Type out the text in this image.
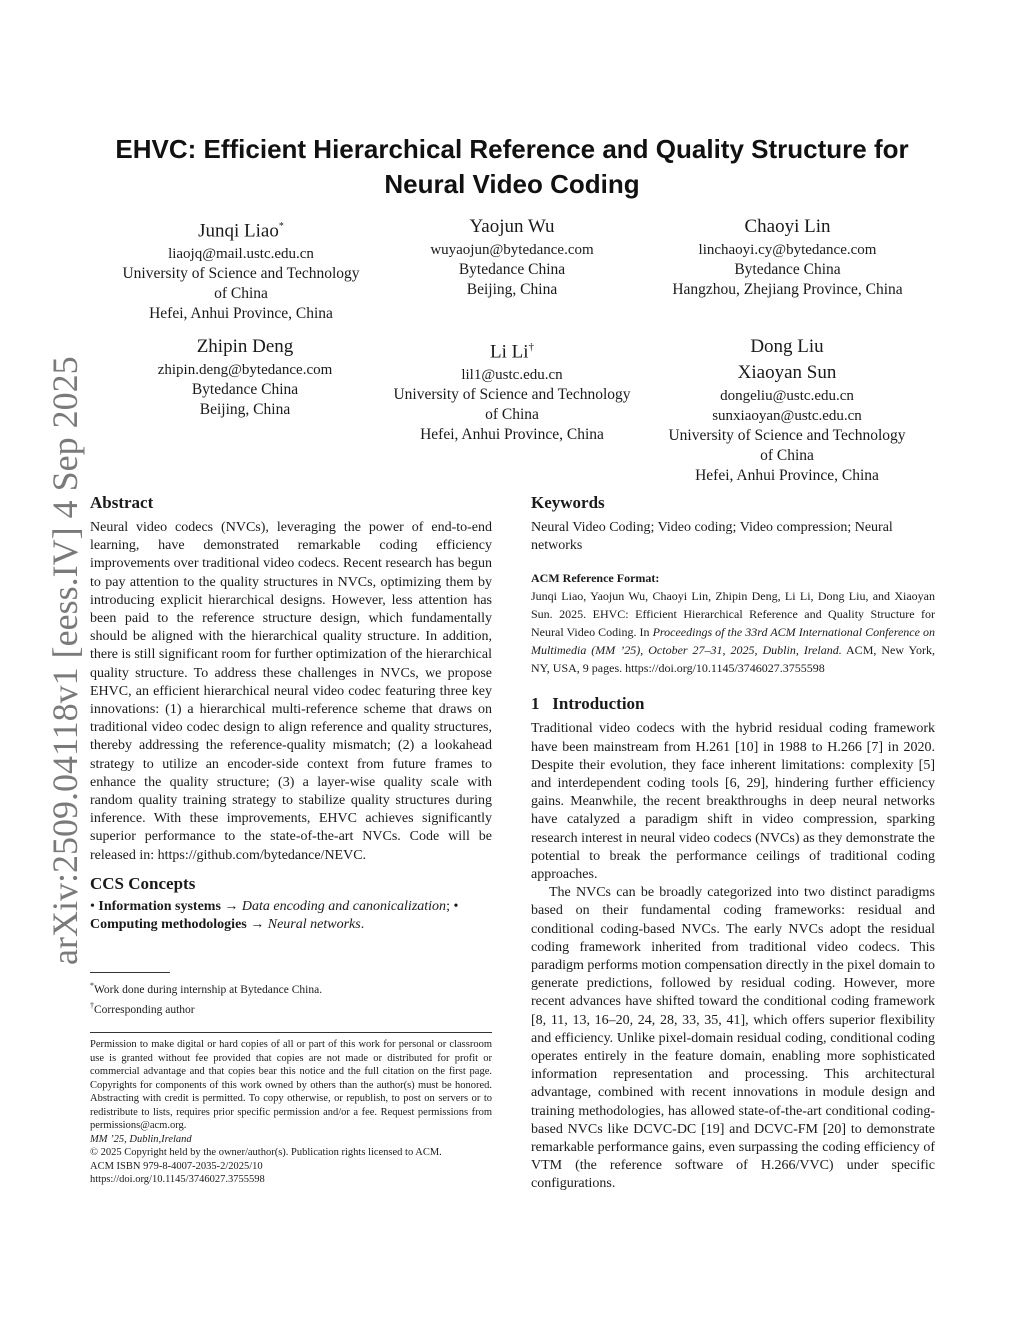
arXiv:2509.04118v1 [eess.IV] 4 Sep 2025
EHVC: Efficient Hierarchical Reference and Quality Structure for
Neural Video Coding
Junqi Liao*
liaojq@mail.ustc.edu.cn
University of Science and Technology
of China
Hefei, Anhui Province, China
Yaojun Wu
wuyaojun@bytedance.com
Bytedance China
Beijing, China
Chaoyi Lin
linchaoyi.cy@bytedance.com
Bytedance China
Hangzhou, Zhejiang Province, China
Zhipin Deng
zhipin.deng@bytedance.com
Bytedance China
Beijing, China
Li Li†
lil1@ustc.edu.cn
University of Science and Technology
of China
Hefei, Anhui Province, China
Dong Liu
Xiaoyan Sun
dongeliu@ustc.edu.cn
sunxiaoyan@ustc.edu.cn
University of Science and Technology
of China
Hefei, Anhui Province, China
Abstract

Neural video codecs (NVCs), leveraging the power of end-to-end learning, have demonstrated remarkable coding efficiency improvements over traditional video codecs. Recent research has begun to pay attention to the quality structures in NVCs, optimizing them by introducing explicit hierarchical designs. However, less attention has been paid to the reference structure design, which fundamentally should be aligned with the hierarchical quality structure. In addition, there is still significant room for further optimization of the hierarchical quality structure. To address these challenges in NVCs, we propose EHVC, an efficient hierarchical neural video codec featuring three key innovations: (1) a hierarchical multi-reference scheme that draws on traditional video codec design to align reference and quality structures, thereby addressing the reference-quality mismatch; (2) a lookahead strategy to utilize an encoder-side context from future frames to enhance the quality structure; (3) a layer-wise quality scale with random quality training strategy to stabilize quality structures during inference. With these improvements, EHVC achieves significantly superior performance to the state-of-the-art NVCs. Code will be released in: https://github.com/bytedance/NEVC.

CCS Concepts

• Information systems → Data encoding and canonicalization; • Computing methodologies → Neural networks.

*Work done during internship at Bytedance China.
†Corresponding author

Permission to make digital or hard copies of all or part of this work for personal or classroom use is granted without fee provided that copies are not made or distributed for profit or commercial advantage and that copies bear this notice and the full citation on the first page. Copyrights for components of this work owned by others than the author(s) must be honored. Abstracting with credit is permitted. To copy otherwise, or republish, to post on servers or to redistribute to lists, requires prior specific permission and/or a fee. Request permissions from permissions@acm.org.

MM ’25, Dublin,Ireland
© 2025 Copyright held by the owner/author(s). Publication rights licensed to ACM.
ACM ISBN 979-8-4007-2035-2/2025/10
https://doi.org/10.1145/3746027.3755598
Keywords

Neural Video Coding; Video coding; Video compression; Neural networks

ACM Reference Format:

Junqi Liao, Yaojun Wu, Chaoyi Lin, Zhipin Deng, Li Li, Dong Liu, and Xiaoyan Sun. 2025. EHVC: Efficient Hierarchical Reference and Quality Structure for Neural Video Coding. In Proceedings of the 33rd ACM International Conference on Multimedia (MM ’25), October 27–31, 2025, Dublin, Ireland. ACM, New York, NY, USA, 9 pages. https://doi.org/10.1145/3746027.3755598

1 Introduction

Traditional video codecs with the hybrid residual coding framework have been mainstream from H.261 [10] in 1988 to H.266 [7] in 2020. Despite their evolution, they face inherent limitations: complexity [5] and interdependent coding tools [6, 29], hindering further efficiency gains. Meanwhile, the recent breakthroughs in deep neural networks have catalyzed a paradigm shift in video compression, sparking research interest in neural video codecs (NVCs) as they demonstrate the potential to break the performance ceilings of traditional coding approaches.

The NVCs can be broadly categorized into two distinct paradigms based on their fundamental coding frameworks: residual and conditional coding-based NVCs. The early NVCs adopt the residual coding framework inherited from traditional video codecs. This paradigm performs motion compensation directly in the pixel domain to generate predictions, followed by residual coding. However, more recent advances have shifted toward the conditional coding framework [8, 11, 13, 16–20, 24, 28, 33, 35, 41], which offers superior flexibility and efficiency. Unlike pixel-domain residual coding, conditional coding operates entirely in the feature domain, enabling more sophisticated information representation and processing. This architectural advantage, combined with recent innovations in module design and training methodologies, has allowed state-of-the-art conditional coding-based NVCs like DCVC-DC [19] and DCVC-FM [20] to demonstrate remarkable performance gains, even surpassing the coding efficiency of VTM (the reference software of H.266/VVC) under specific configurations.
